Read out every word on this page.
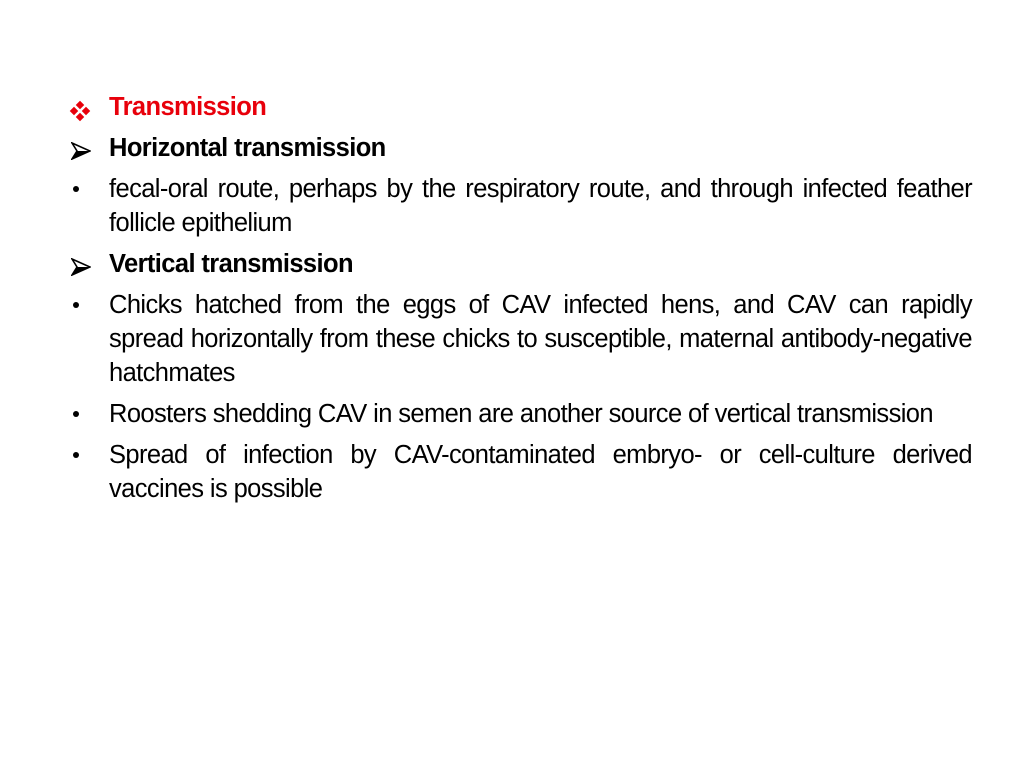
Transmission
Horizontal transmission
fecal-oral route, perhaps by the respiratory route, and through infected feather follicle epithelium
Vertical transmission
Chicks hatched from the eggs of CAV infected hens, and CAV can rapidly spread horizontally from these chicks to susceptible, maternal antibody-negative hatchmates
Roosters shedding CAV in semen are another source of vertical transmission
Spread of infection by CAV-contaminated embryo- or cell-culture derived vaccines is possible
